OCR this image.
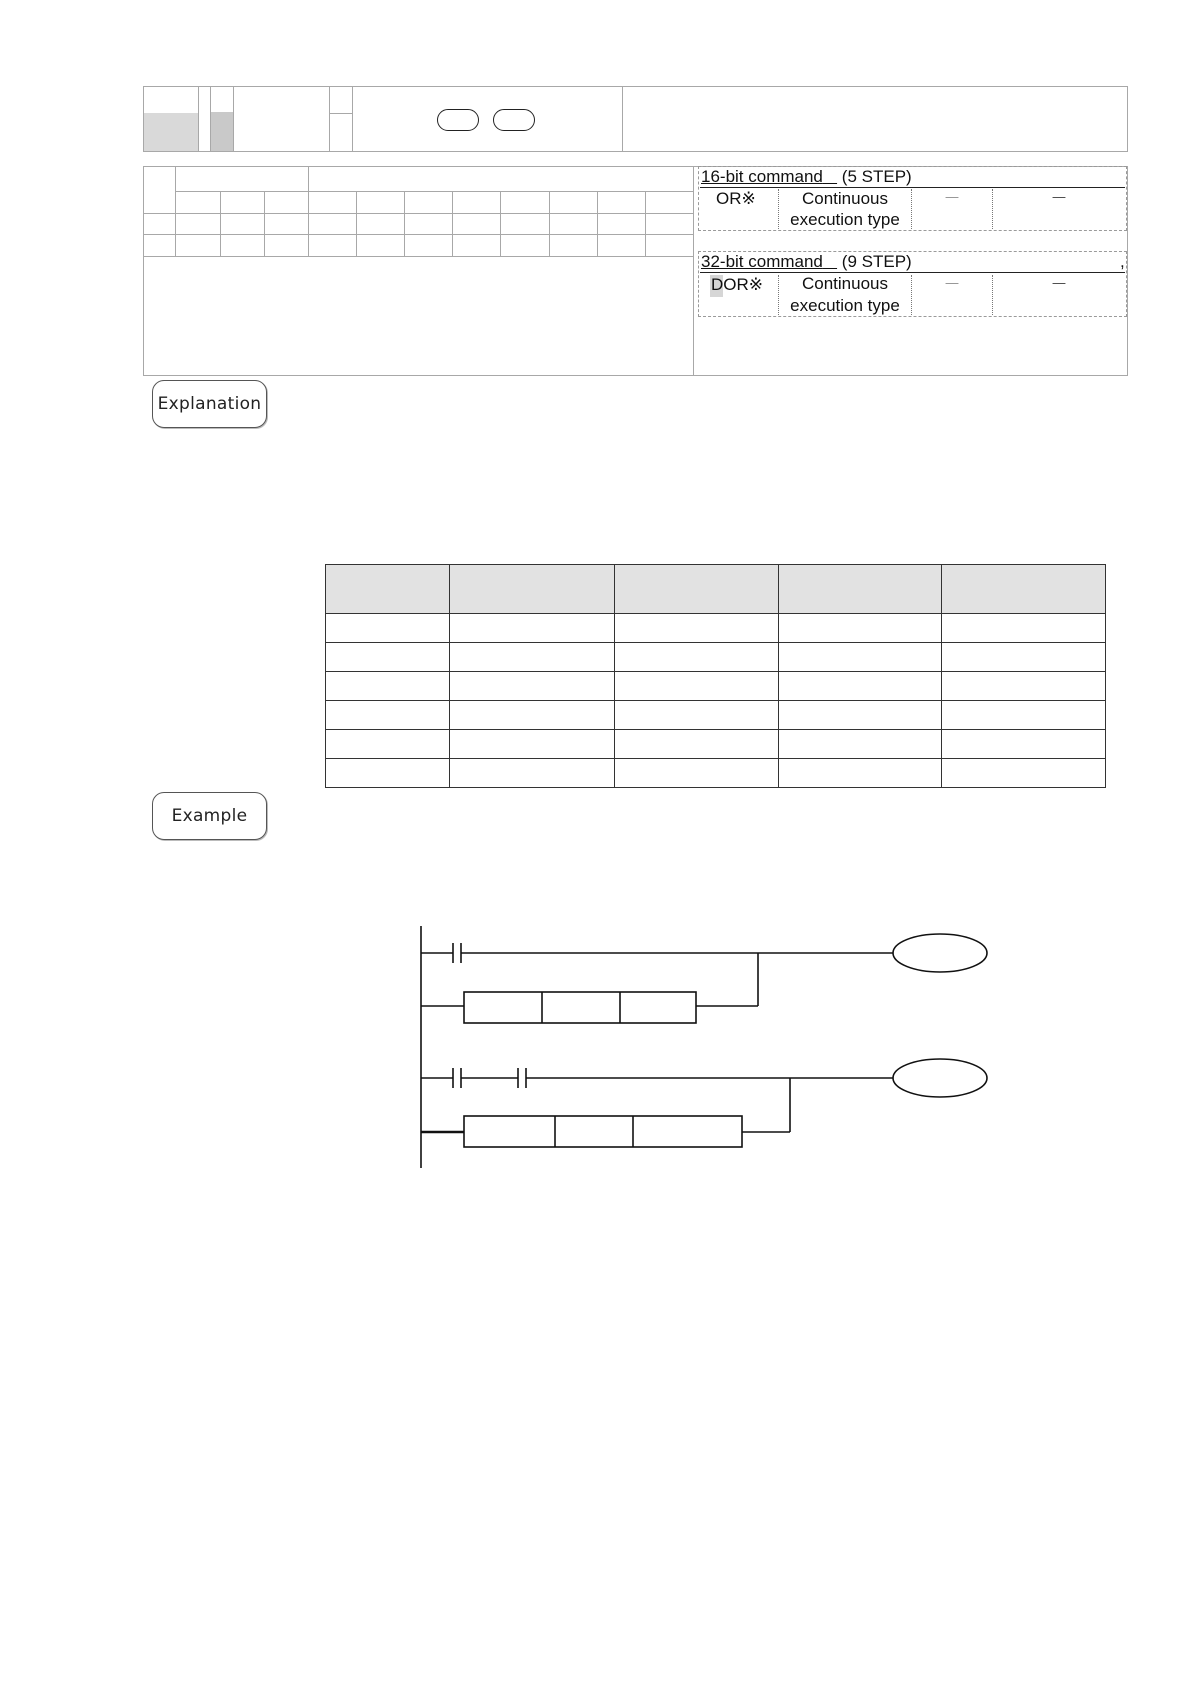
16-bit command (5 STEP)
OR※	Continuous
execution type
－	－
32-bit command (9 STEP)	,
DOR※	Continuous
execution type
－	－
Explanation

Example
